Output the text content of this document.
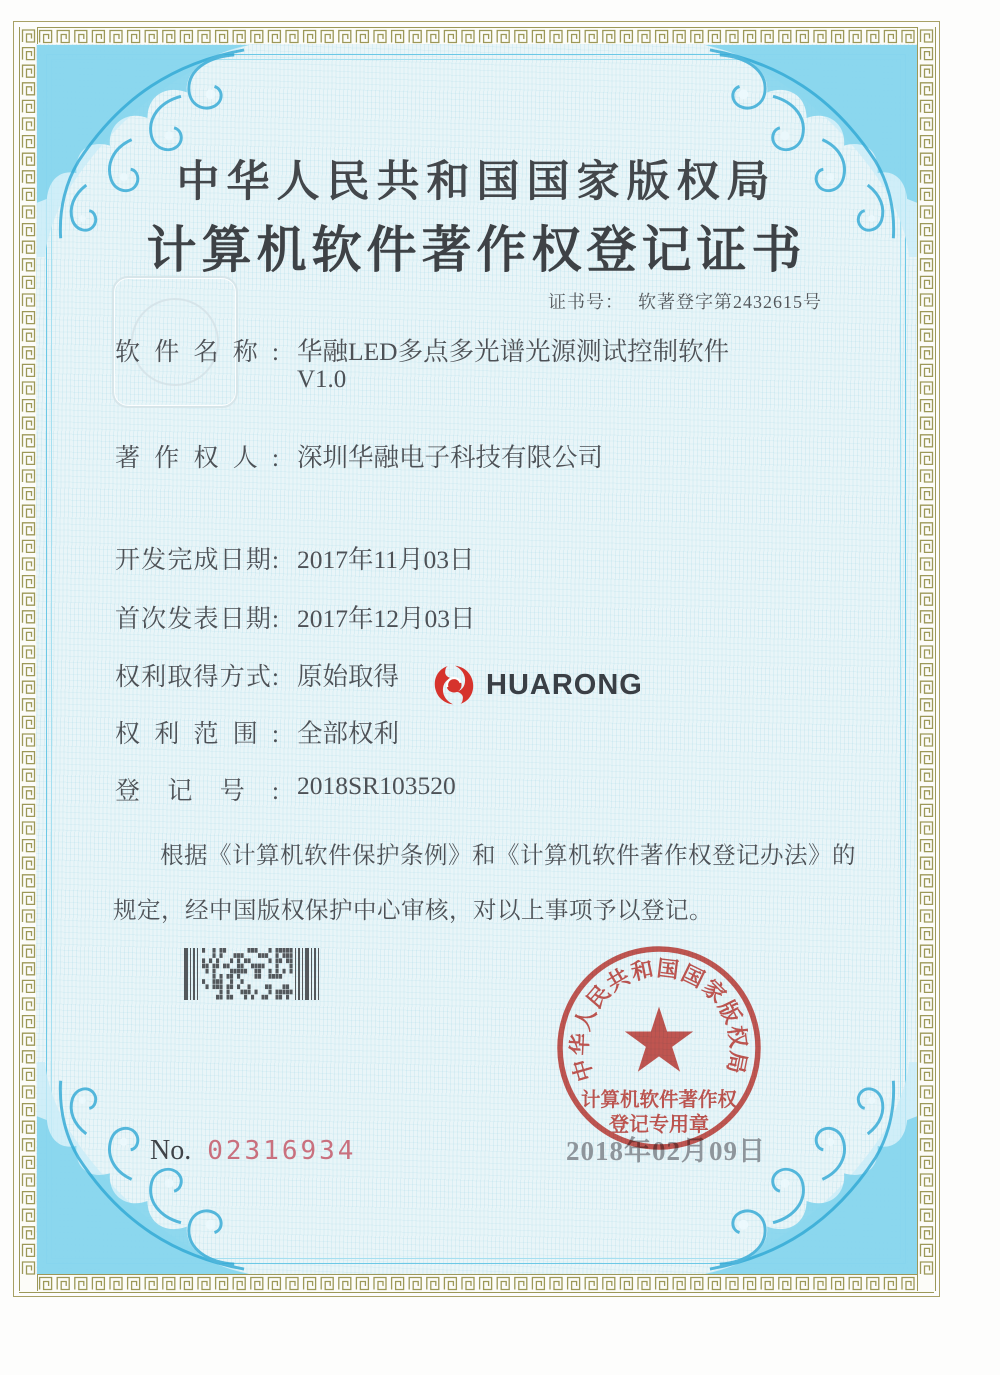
中华人民共和国国家版权局
计算机软件著作权登记证书
证书号： 软著登字第2432615号
软件名称: 华融LED多点多光谱光源测试控制软件
V1.0
著作权人: 深圳华融电子科技有限公司
开发完成日期: 2017年11月03日
首次发表日期: 2017年12月03日
权利取得方式: 原始取得
权利范围: 全部权利
登记号: 2018SR103520
根据《计算机软件保护条例》和《计算机软件著作权登记办法》的
规定，经中国版权保护中心审核，对以上事项予以登记。
HUARONG
2018年02月09日
中华人民共和国国家版权局
计算机软件著作权
登记专用章
No. 02316934
